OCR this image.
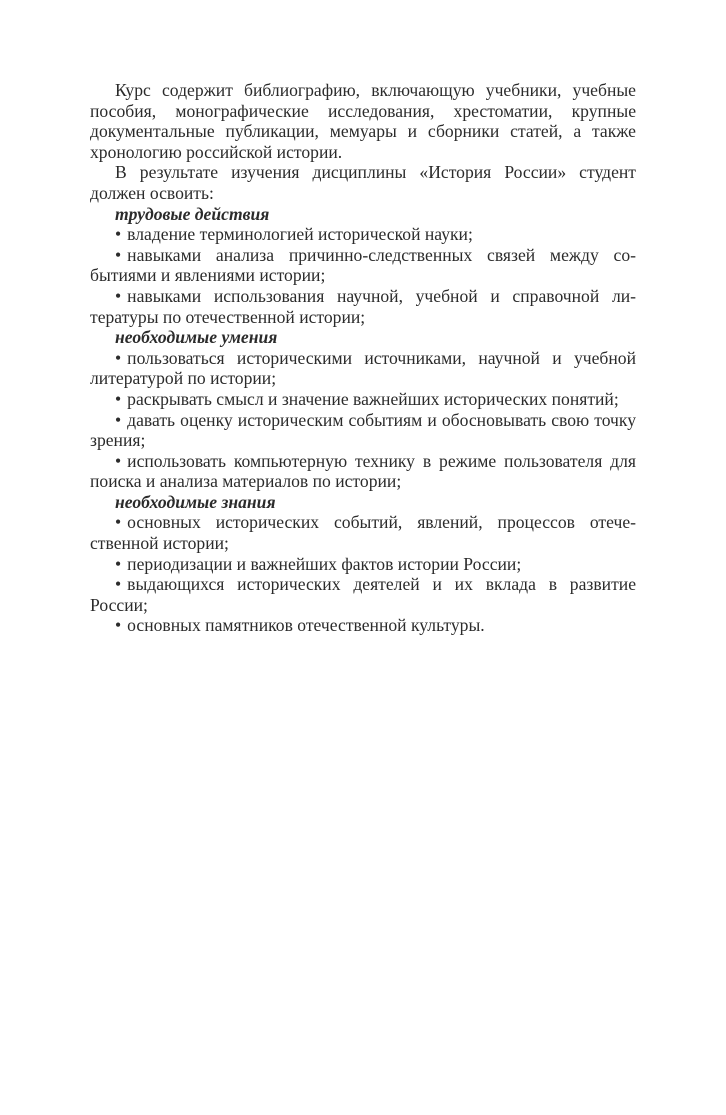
Курс содержит библиографию, включающую учебники, учебные пособия, монографические исследования, хрестоматии, крупные документальные публикации, мемуары и сборники статей, а также хронологию российской истории.

В результате изучения дисциплины «История России» студент должен освоить:

трудовые действия

• владение терминологией исторической науки;

• навыками анализа причинно-следственных связей между событиями и явлениями истории;

• навыками использования научной, учебной и справочной литературы по отечественной истории;

необходимые умения

• пользоваться историческими источниками, научной и учебной литературой по истории;

• раскрывать смысл и значение важнейших исторических понятий;

• давать оценку историческим событиям и обосновывать свою точку зрения;

• использовать компьютерную технику в режиме пользователя для поиска и анализа материалов по истории;

необходимые знания

• основных исторических событий, явлений, процессов отечественной истории;

• периодизации и важнейших фактов истории России;

• выдающихся исторических деятелей и их вклада в развитие России;

• основных памятников отечественной культуры.
